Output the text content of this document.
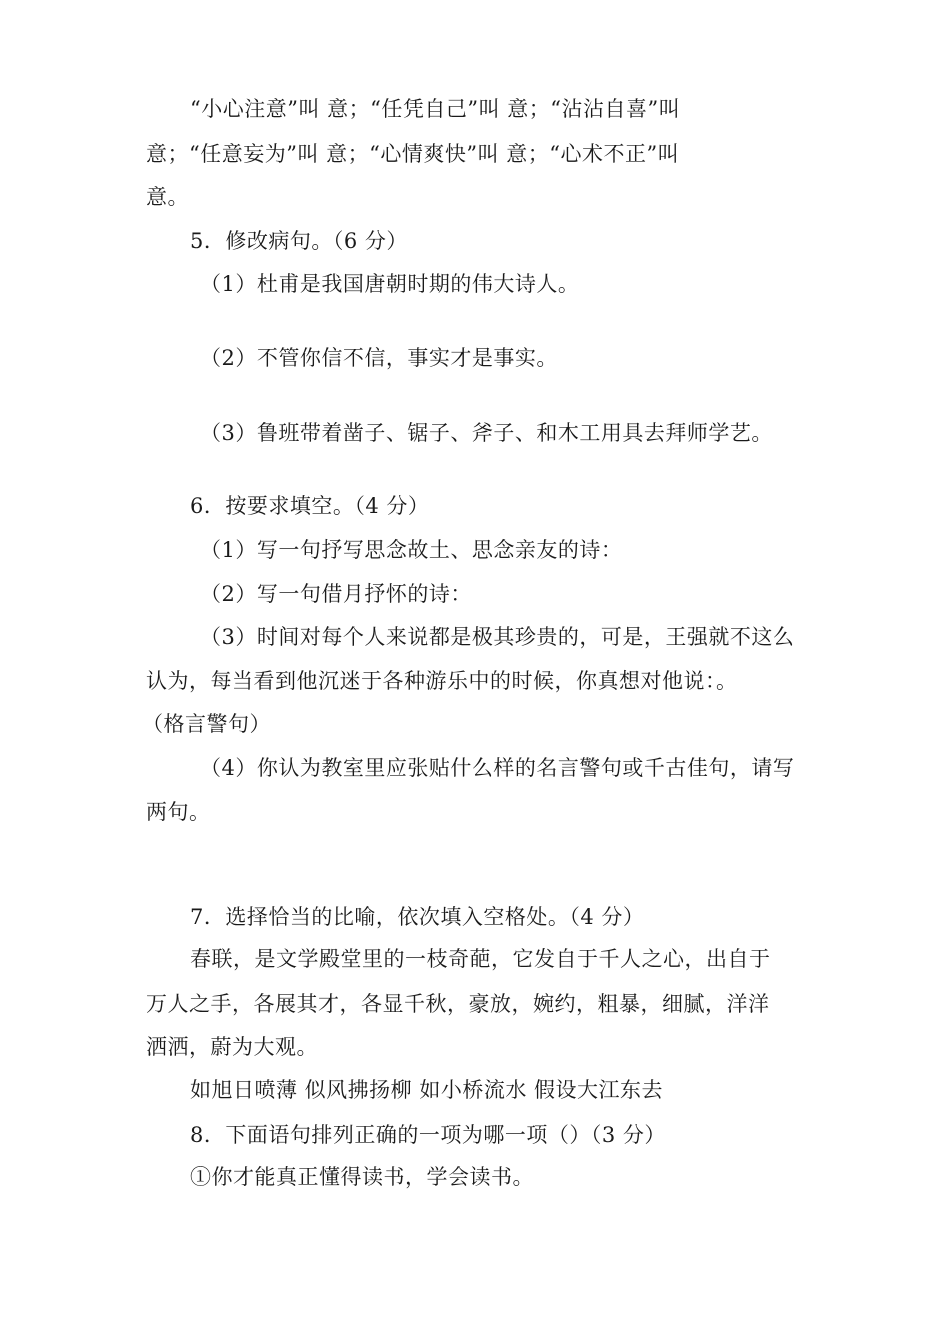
“小心注意”叫 意；“任凭自己”叫 意；“沾沾自喜”叫
意；“任意妄为”叫 意；“心情爽快”叫 意；“心术不正”叫
意。
5．修改病句。（6 分）
（1）杜甫是我国唐朝时期的伟大诗人。
（2）不管你信不信，事实才是事实。
（3）鲁班带着凿子、锯子、斧子、和木工用具去拜师学艺。
6．按要求填空。（4 分）
（1）写一句抒写思念故土、思念亲友的诗：
（2）写一句借月抒怀的诗：
（3）时间对每个人来说都是极其珍贵的，可是，王强就不这么
认为，每当看到他沉迷于各种游乐中的时候，你真想对他说：。
（格言警句）
（4）你认为教室里应张贴什么样的名言警句或千古佳句，请写
两句。
7．选择恰当的比喻，依次填入空格处。（4 分）
春联，是文学殿堂里的一枝奇葩，它发自于千人之心，出自于
万人之手，各展其才，各显千秋，豪放，婉约，粗暴，细腻，洋洋
洒洒，蔚为大观。
如旭日喷薄 似风拂扬柳 如小桥流水 假设大江东去
8．下面语句排列正确的一项为哪一项（）（3 分）
①你才能真正懂得读书，学会读书。
